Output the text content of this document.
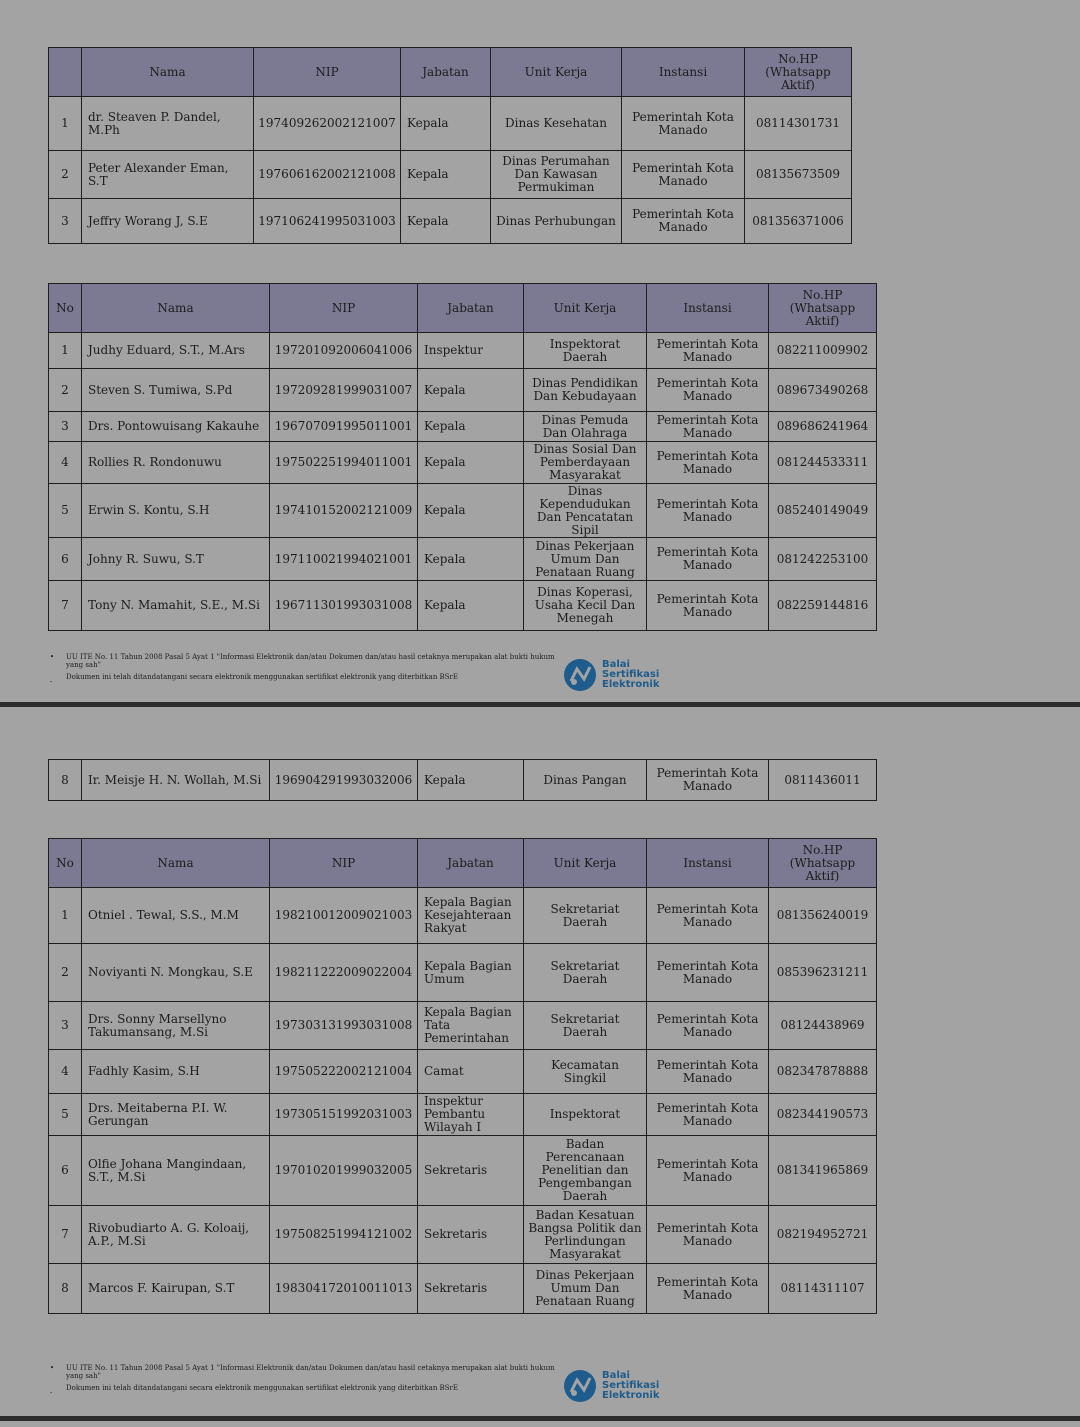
	Nama	NIP	Jabatan	Unit Kerja	Instansi	No.HP (Whatsapp Aktif)
1	dr. Steaven P. Dandel, M.Ph	197409262002121007	Kepala	Dinas Kesehatan	Pemerintah Kota Manado	08114301731
2	Peter Alexander Eman, S.T	197606162002121008	Kepala	Dinas Perumahan Dan Kawasan Permukiman	Pemerintah Kota Manado	08135673509
3	Jeffry Worang J, S.E	197106241995031003	Kepala	Dinas Perhubungan	Pemerintah Kota Manado	081356371006
No	Nama	NIP	Jabatan	Unit Kerja	Instansi	No.HP (Whatsapp Aktif)
1	Judhy Eduard, S.T., M.Ars	197201092006041006	Inspektur	Inspektorat Daerah	Pemerintah Kota Manado	082211009902
2	Steven S. Tumiwa, S.Pd	197209281999031007	Kepala	Dinas Pendidikan Dan Kebudayaan	Pemerintah Kota Manado	089673490268
3	Drs. Pontowuisang Kakauhe	196707091995011001	Kepala	Dinas Pemuda Dan Olahraga	Pemerintah Kota Manado	089686241964
4	Rollies R. Rondonuwu	197502251994011001	Kepala	Dinas Sosial Dan Pemberdayaan Masyarakat	Pemerintah Kota Manado	081244533311
5	Erwin S. Kontu, S.H	197410152002121009	Kepala	Dinas Kependudukan Dan Pencatatan Sipil	Pemerintah Kota Manado	085240149049
6	Johny R. Suwu, S.T	197110021994021001	Kepala	Dinas Pekerjaan Umum Dan Penataan Ruang	Pemerintah Kota Manado	081242253100
7	Tony N. Mamahit, S.E., M.Si	196711301993031008	Kepala	Dinas Koperasi, Usaha Kecil Dan Menegah	Pemerintah Kota Manado	082259144816
• UU ITE No. 11 Tahun 2008 Pasal 5 Ayat 1 "Informasi Elektronik dan/atau Dokumen dan/atau hasil cetaknya merupakan alat bukti hukum yang sah"

-

Dokumen ini telah ditandatangani secara elektronik menggunakan sertifikat elektronik yang diterbitkan BSrE

Balai
Sertifikasi
Elektronik
8	Ir. Meisje H. N. Wollah, M.Si	196904291993032006	Kepala	Dinas Pangan	Pemerintah Kota Manado	0811436011
No	Nama	NIP	Jabatan	Unit Kerja	Instansi	No.HP (Whatsapp Aktif)
1	Otniel . Tewal, S.S., M.M	198210012009021003	Kepala Bagian Kesejahteraan Rakyat	Sekretariat Daerah	Pemerintah Kota Manado	081356240019
2	Noviyanti N. Mongkau, S.E	198211222009022004	Kepala Bagian Umum	Sekretariat Daerah	Pemerintah Kota Manado	085396231211
3	Drs. Sonny Marsellyno Takumansang, M.Si	197303131993031008	Kepala Bagian Tata Pemerintahan	Sekretariat Daerah	Pemerintah Kota Manado	08124438969
4	Fadhly Kasim, S.H	197505222002121004	Camat	Kecamatan Singkil	Pemerintah Kota Manado	082347878888
5	Drs. Meitaberna P.I. W. Gerungan	197305151992031003	Inspektur Pembantu Wilayah I	Inspektorat	Pemerintah Kota Manado	082344190573
6	Olfie Johana Mangindaan, S.T., M.Si	197010201999032005	Sekretaris	Badan Perencanaan Penelitian dan Pengembangan Daerah	Pemerintah Kota Manado	081341965869
7	Rivobudiarto A. G. Koloaij, A.P., M.Si	197508251994121002	Sekretaris	Badan Kesatuan Bangsa Politik dan Perlindungan Masyarakat	Pemerintah Kota Manado	082194952721
8	Marcos F. Kairupan, S.T	198304172010011013	Sekretaris	Dinas Pekerjaan Umum Dan Penataan Ruang	Pemerintah Kota Manado	08114311107
• UU ITE No. 11 Tahun 2008 Pasal 5 Ayat 1 "Informasi Elektronik dan/atau Dokumen dan/atau hasil cetaknya merupakan alat bukti hukum yang sah"

-

Dokumen ini telah ditandatangani secara elektronik menggunakan sertifikat elektronik yang diterbitkan BSrE

Balai
Sertifikasi
Elektronik
